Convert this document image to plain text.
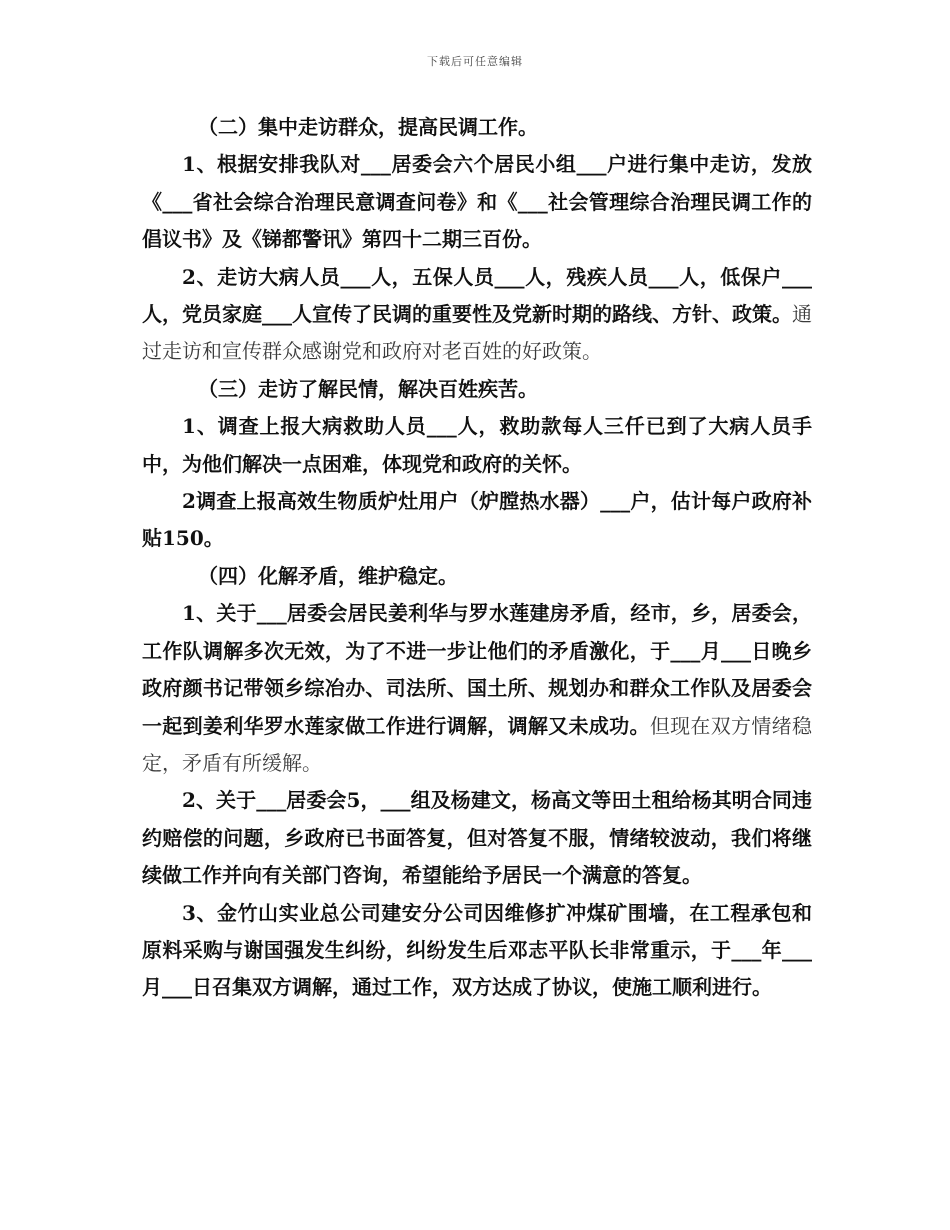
下载后可任意编辑

（二）集中走访群众，提高民调工作。

1、根据安排我队对___居委会六个居民小组___户进行集中走访，发放《___省社会综合治理民意调查问卷》和《___社会管理综合治理民调工作的倡议书》及《锑都警讯》第四十二期三百份。

2、走访大病人员___人，五保人员___人，残疾人员___人，低保户___人，党员家庭___人宣传了民调的重要性及党新时期的路线、方针、政策。通过走访和宣传群众感谢党和政府对老百姓的好政策。

（三）走访了解民情，解决百姓疾苦。

1、调查上报大病救助人员___人，救助款每人三仟已到了大病人员手中，为他们解决一点困难，体现党和政府的关怀。

2调查上报高效生物质炉灶用户（炉膛热水器）___户，估计每户政府补贴150。

（四）化解矛盾，维护稳定。

1、关于___居委会居民姜利华与罗水莲建房矛盾，经市，乡，居委会，工作队调解多次无效，为了不进一步让他们的矛盾激化，于___月___日晚乡政府颜书记带领乡综冶办、司法所、国土所、规划办和群众工作队及居委会一起到姜利华罗水莲家做工作进行调解，调解又未成功。但现在双方情绪稳定，矛盾有所缓解。

2、关于___居委会5，___组及杨建文，杨高文等田土租给杨其明合同违约赔偿的问题，乡政府已书面答复，但对答复不服，情绪较波动，我们将继续做工作并向有关部门咨询，希望能给予居民一个满意的答复。

3、金竹山实业总公司建安分公司因维修扩冲煤矿围墙，在工程承包和原料采购与谢国强发生纠纷，纠纷发生后邓志平队长非常重示，于___年___月___日召集双方调解，通过工作，双方达成了协议，使施工顺利进行。
